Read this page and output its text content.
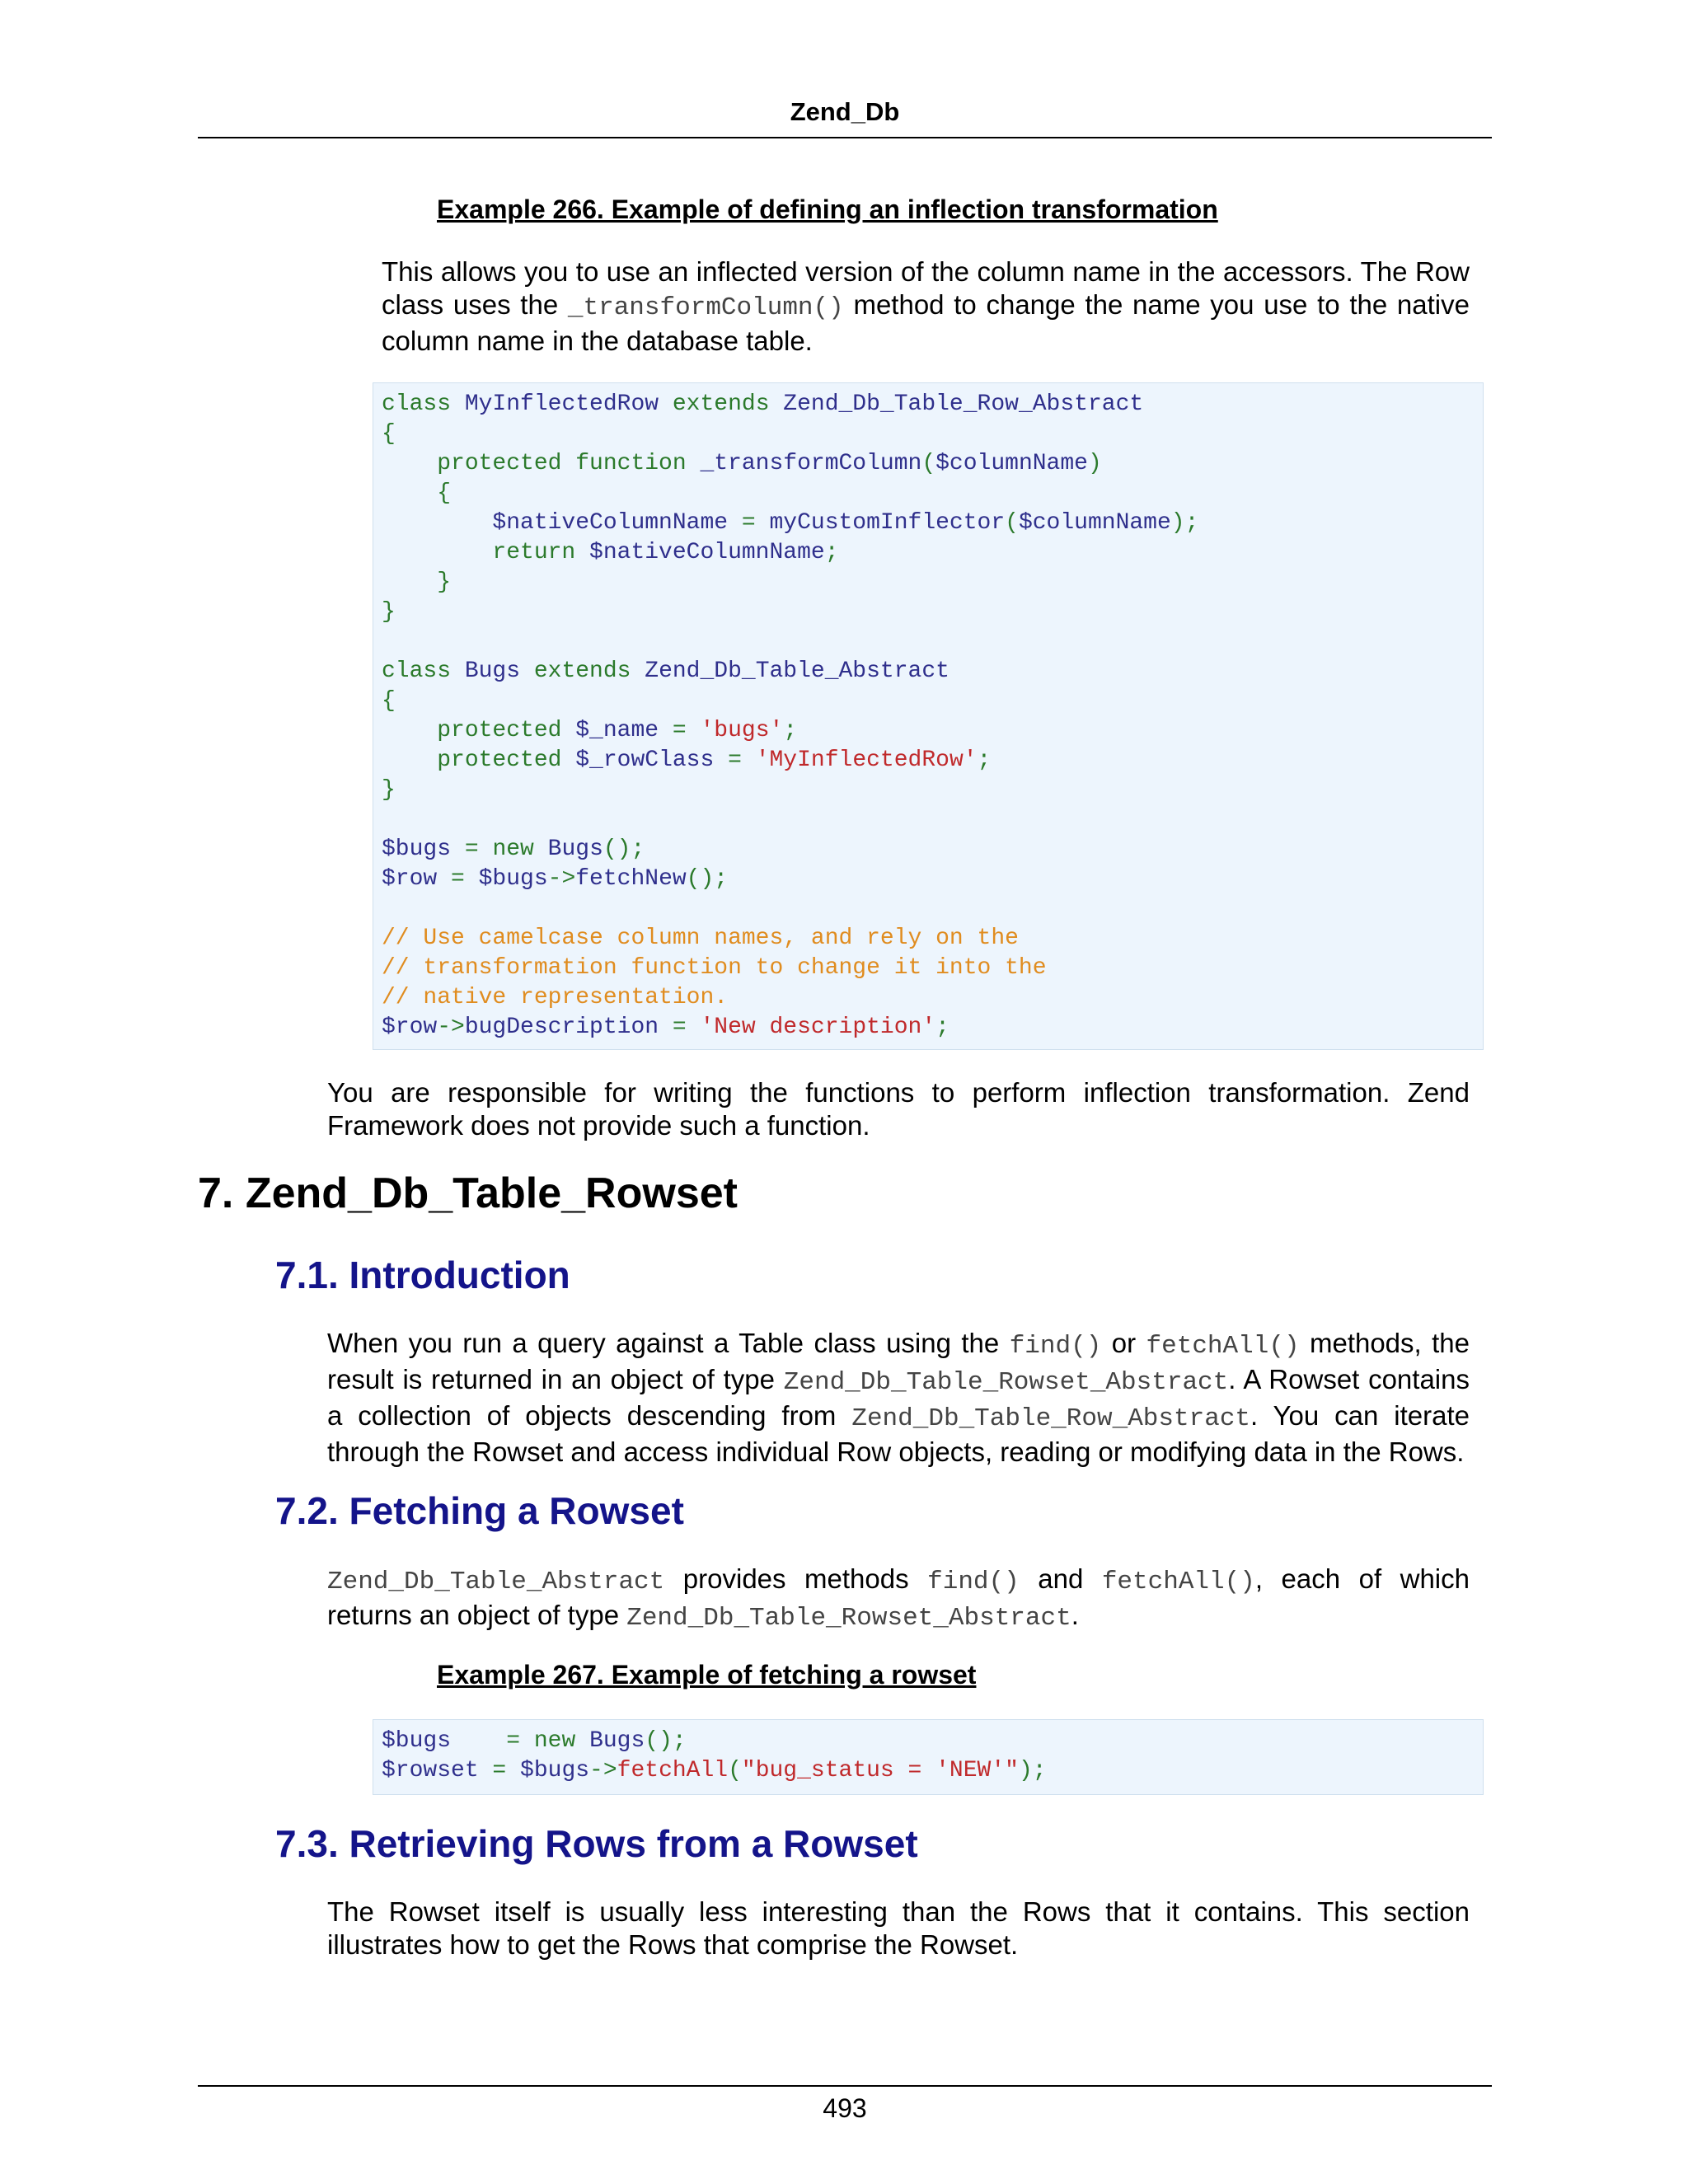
Zend_Db
Example 266. Example of defining an inflection transformation
This allows you to use an inflected version of the column name in the accessors. The Row class uses the _transformColumn() method to change the name you use to the native column name in the database table.
class MyInflectedRow extends Zend_Db_Table_Row_Abstract
{
protected function _transformColumn($columnName)
{
$nativeColumnName = myCustomInflector($columnName);
return $nativeColumnName;
}
}

class Bugs extends Zend_Db_Table_Abstract
{
protected $_name = 'bugs';
protected $_rowClass = 'MyInflectedRow';
}

$bugs = new Bugs();
$row = $bugs->fetchNew();

// Use camelcase column names, and rely on the
// transformation function to change it into the
// native representation.
$row->bugDescription = 'New description';
You are responsible for writing the functions to perform inflection transformation. Zend Framework does not provide such a function.
7. Zend_Db_Table_Rowset
7.1. Introduction
When you run a query against a Table class using the find() or fetchAll() methods, the result is returned in an object of type Zend_Db_Table_Rowset_Abstract. A Rowset contains a collection of objects descending from Zend_Db_Table_Row_Abstract. You can iterate through the Rowset and access individual Row objects, reading or modifying data in the Rows.
7.2. Fetching a Rowset
Zend_Db_Table_Abstract provides methods find() and fetchAll(), each of which returns an object of type Zend_Db_Table_Rowset_Abstract.
Example 267. Example of fetching a rowset
$bugs    = new Bugs();
$rowset = $bugs->fetchAll("bug_status = 'NEW'");
7.3. Retrieving Rows from a Rowset
The Rowset itself is usually less interesting than the Rows that it contains. This section illustrates how to get the Rows that comprise the Rowset.
493
